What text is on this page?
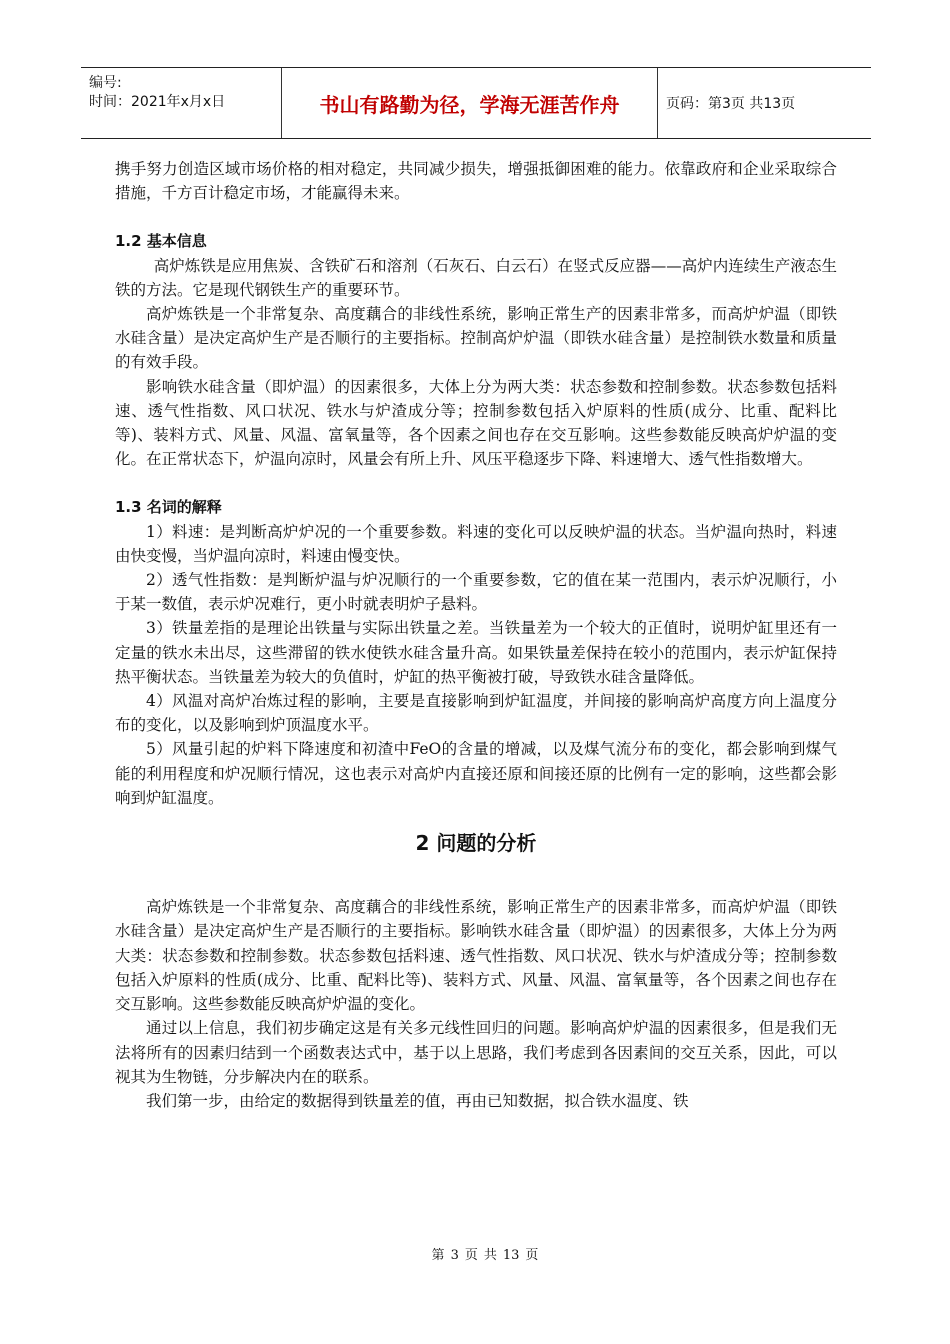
编号:
时间：2021年x月x日	书山有路勤为径，学海无涯苦作舟	页码：第3页 共13页

携手努力创造区域市场价格的相对稳定，共同减少损失，增强抵御困难的能力。依靠政府和企业采取综合措施，千方百计稳定市场，才能赢得未来。

1.2 基本信息

高炉炼铁是应用焦炭、含铁矿石和溶剂（石灰石、白云石）在竖式反应器——高炉内连续生产液态生铁的方法。它是现代钢铁生产的重要环节。

高炉炼铁是一个非常复杂、高度藕合的非线性系统，影响正常生产的因素非常多，而高炉炉温（即铁水硅含量）是决定高炉生产是否顺行的主要指标。控制高炉炉温（即铁水硅含量）是控制铁水数量和质量的有效手段。

影响铁水硅含量（即炉温）的因素很多，大体上分为两大类：状态参数和控制参数。状态参数包括料速、透气性指数、风口状况、铁水与炉渣成分等；控制参数包括入炉原料的性质(成分、比重、配料比等)、装料方式、风量、风温、富氧量等，各个因素之间也存在交互影响。这些参数能反映高炉炉温的变化。在正常状态下，炉温向凉时，风量会有所上升、风压平稳逐步下降、料速增大、透气性指数增大。

1.3 名词的解释

1）料速：是判断高炉炉况的一个重要参数。料速的变化可以反映炉温的状态。当炉温向热时，料速由快变慢，当炉温向凉时，料速由慢变快。

2）透气性指数：是判断炉温与炉况顺行的一个重要参数，它的值在某一范围内，表示炉况顺行，小于某一数值，表示炉况难行，更小时就表明炉子悬料。

3）铁量差指的是理论出铁量与实际出铁量之差。当铁量差为一个较大的正值时，说明炉缸里还有一定量的铁水未出尽，这些滞留的铁水使铁水硅含量升高。如果铁量差保持在较小的范围内，表示炉缸保持热平衡状态。当铁量差为较大的负值时，炉缸的热平衡被打破，导致铁水硅含量降低。

4）风温对高炉冶炼过程的影响，主要是直接影响到炉缸温度，并间接的影响高炉高度方向上温度分布的变化，以及影响到炉顶温度水平。

5）风量引起的炉料下降速度和初渣中FeO的含量的增减，以及煤气流分布的变化，都会影响到煤气能的利用程度和炉况顺行情况，这也表示对高炉内直接还原和间接还原的比例有一定的影响，这些都会影响到炉缸温度。

2 问题的分析

高炉炼铁是一个非常复杂、高度藕合的非线性系统，影响正常生产的因素非常多，而高炉炉温（即铁水硅含量）是决定高炉生产是否顺行的主要指标。影响铁水硅含量（即炉温）的因素很多，大体上分为两大类：状态参数和控制参数。状态参数包括料速、透气性指数、风口状况、铁水与炉渣成分等；控制参数包括入炉原料的性质(成分、比重、配料比等)、装料方式、风量、风温、富氧量等，各个因素之间也存在交互影响。这些参数能反映高炉炉温的变化。

通过以上信息，我们初步确定这是有关多元线性回归的问题。影响高炉炉温的因素很多，但是我们无法将所有的因素归结到一个函数表达式中，基于以上思路，我们考虑到各因素间的交互关系，因此，可以视其为生物链，分步解决内在的联系。

我们第一步，由给定的数据得到铁量差的值，再由已知数据，拟合铁水温度、铁

第 3 页 共 13 页
